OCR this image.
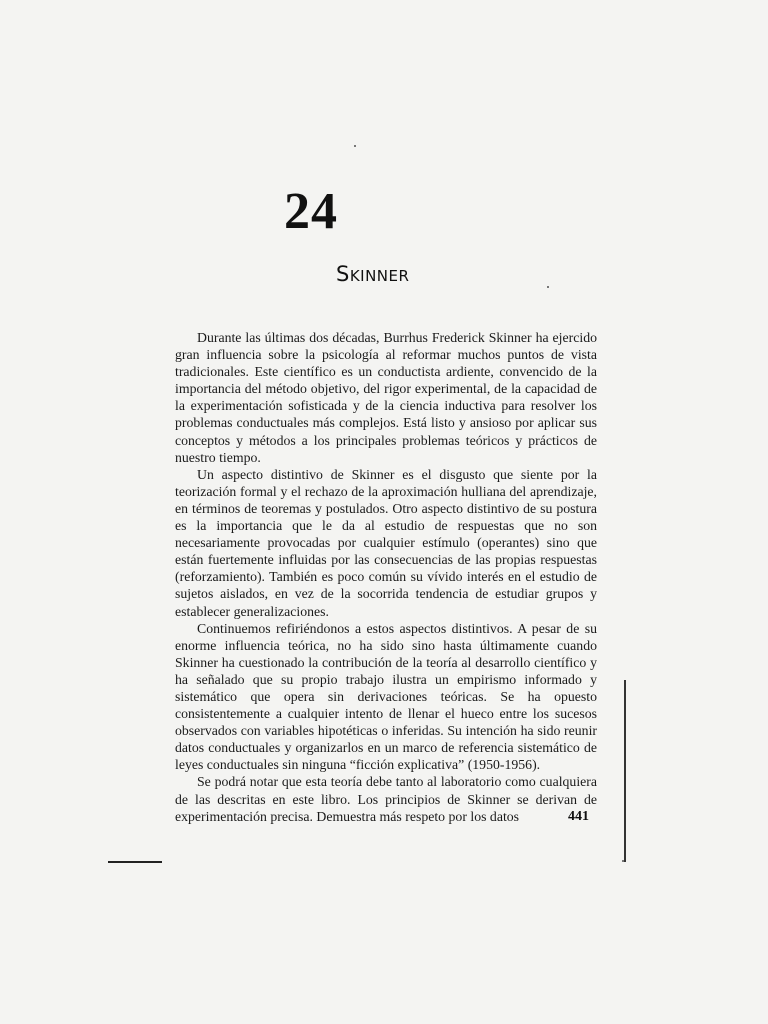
24
Skinner

Durante las últimas dos décadas, Burrhus Frederick Skinner ha ejercido gran influencia sobre la psicología al reformar muchos puntos de vista tradicionales. Este científico es un conductista ardiente, convencido de la importancia del método objetivo, del rigor experimental, de la capacidad de la experimentación sofisticada y de la ciencia inductiva para resolver los problemas conductuales más complejos. Está listo y ansioso por aplicar sus conceptos y métodos a los principales problemas teóricos y prácticos de nuestro tiempo.

Un aspecto distintivo de Skinner es el disgusto que siente por la teorización formal y el rechazo de la aproximación hulliana del aprendizaje, en términos de teoremas y postulados. Otro aspecto distintivo de su postura es la importancia que le da al estudio de respuestas que no son necesariamente provocadas por cualquier estímulo (operantes) sino que están fuertemente influidas por las consecuencias de las propias respuestas (reforzamiento). También es poco común su vívido interés en el estudio de sujetos aislados, en vez de la socorrida tendencia de estudiar grupos y establecer generalizaciones.

Continuemos refiriéndonos a estos aspectos distintivos. A pesar de su enorme influencia teórica, no ha sido sino hasta últimamente cuando Skinner ha cuestionado la contribución de la teoría al desarrollo científico y ha señalado que su propio trabajo ilustra un empirismo informado y sistemático que opera sin derivaciones teóricas. Se ha opuesto consistentemente a cualquier intento de llenar el hueco entre los sucesos observados con variables hipotéticas o inferidas. Su intención ha sido reunir datos conductuales y organizarlos en un marco de referencia sistemático de leyes conductuales sin ninguna “ficción explicativa” (1950-1956).

Se podrá notar que esta teoría debe tanto al laboratorio como cualquiera de las descritas en este libro. Los principios de Skinner se derivan de experimentación precisa. Demuestra más respeto por los datos	441
